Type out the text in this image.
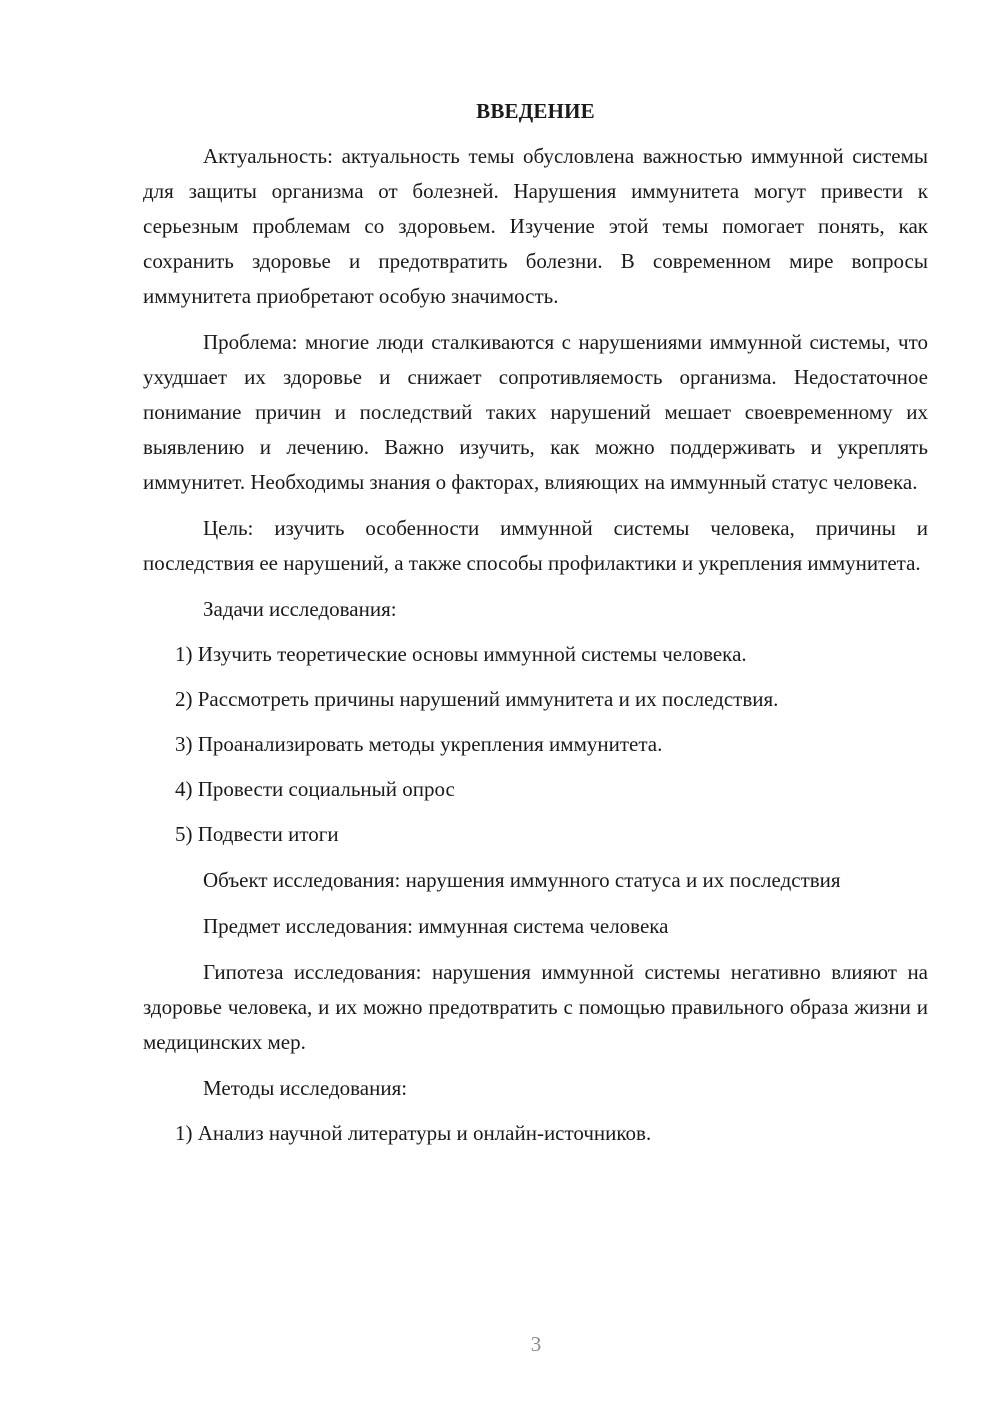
ВВЕДЕНИЕ

Актуальность: актуальность темы обусловлена важностью иммунной системы для защиты организма от болезней. Нарушения иммунитета могут привести к серьезным проблемам со здоровьем. Изучение этой темы помогает понять, как сохранить здоровье и предотвратить болезни. В современном мире вопросы иммунитета приобретают особую значимость.

Проблема: многие люди сталкиваются с нарушениями иммунной системы, что ухудшает их здоровье и снижает сопротивляемость организма. Недостаточное понимание причин и последствий таких нарушений мешает своевременному их выявлению и лечению. Важно изучить, как можно поддерживать и укреплять иммунитет. Необходимы знания о факторах, влияющих на иммунный статус человека.

Цель: изучить особенности иммунной системы человека, причины и последствия ее нарушений, а также способы профилактики и укрепления иммунитета.

Задачи исследования:

1) Изучить теоретические основы иммунной системы человека.
2) Рассмотреть причины нарушений иммунитета и их последствия.
3) Проанализировать методы укрепления иммунитета.
4) Провести социальный опрос
5) Подвести итоги

Объект исследования: нарушения иммунного статуса и их последствия

Предмет исследования: иммунная система человека

Гипотеза исследования: нарушения иммунной системы негативно влияют на здоровье человека, и их можно предотвратить с помощью правильного образа жизни и медицинских мер.

Методы исследования:

1) Анализ научной литературы и онлайн-источников.
3
